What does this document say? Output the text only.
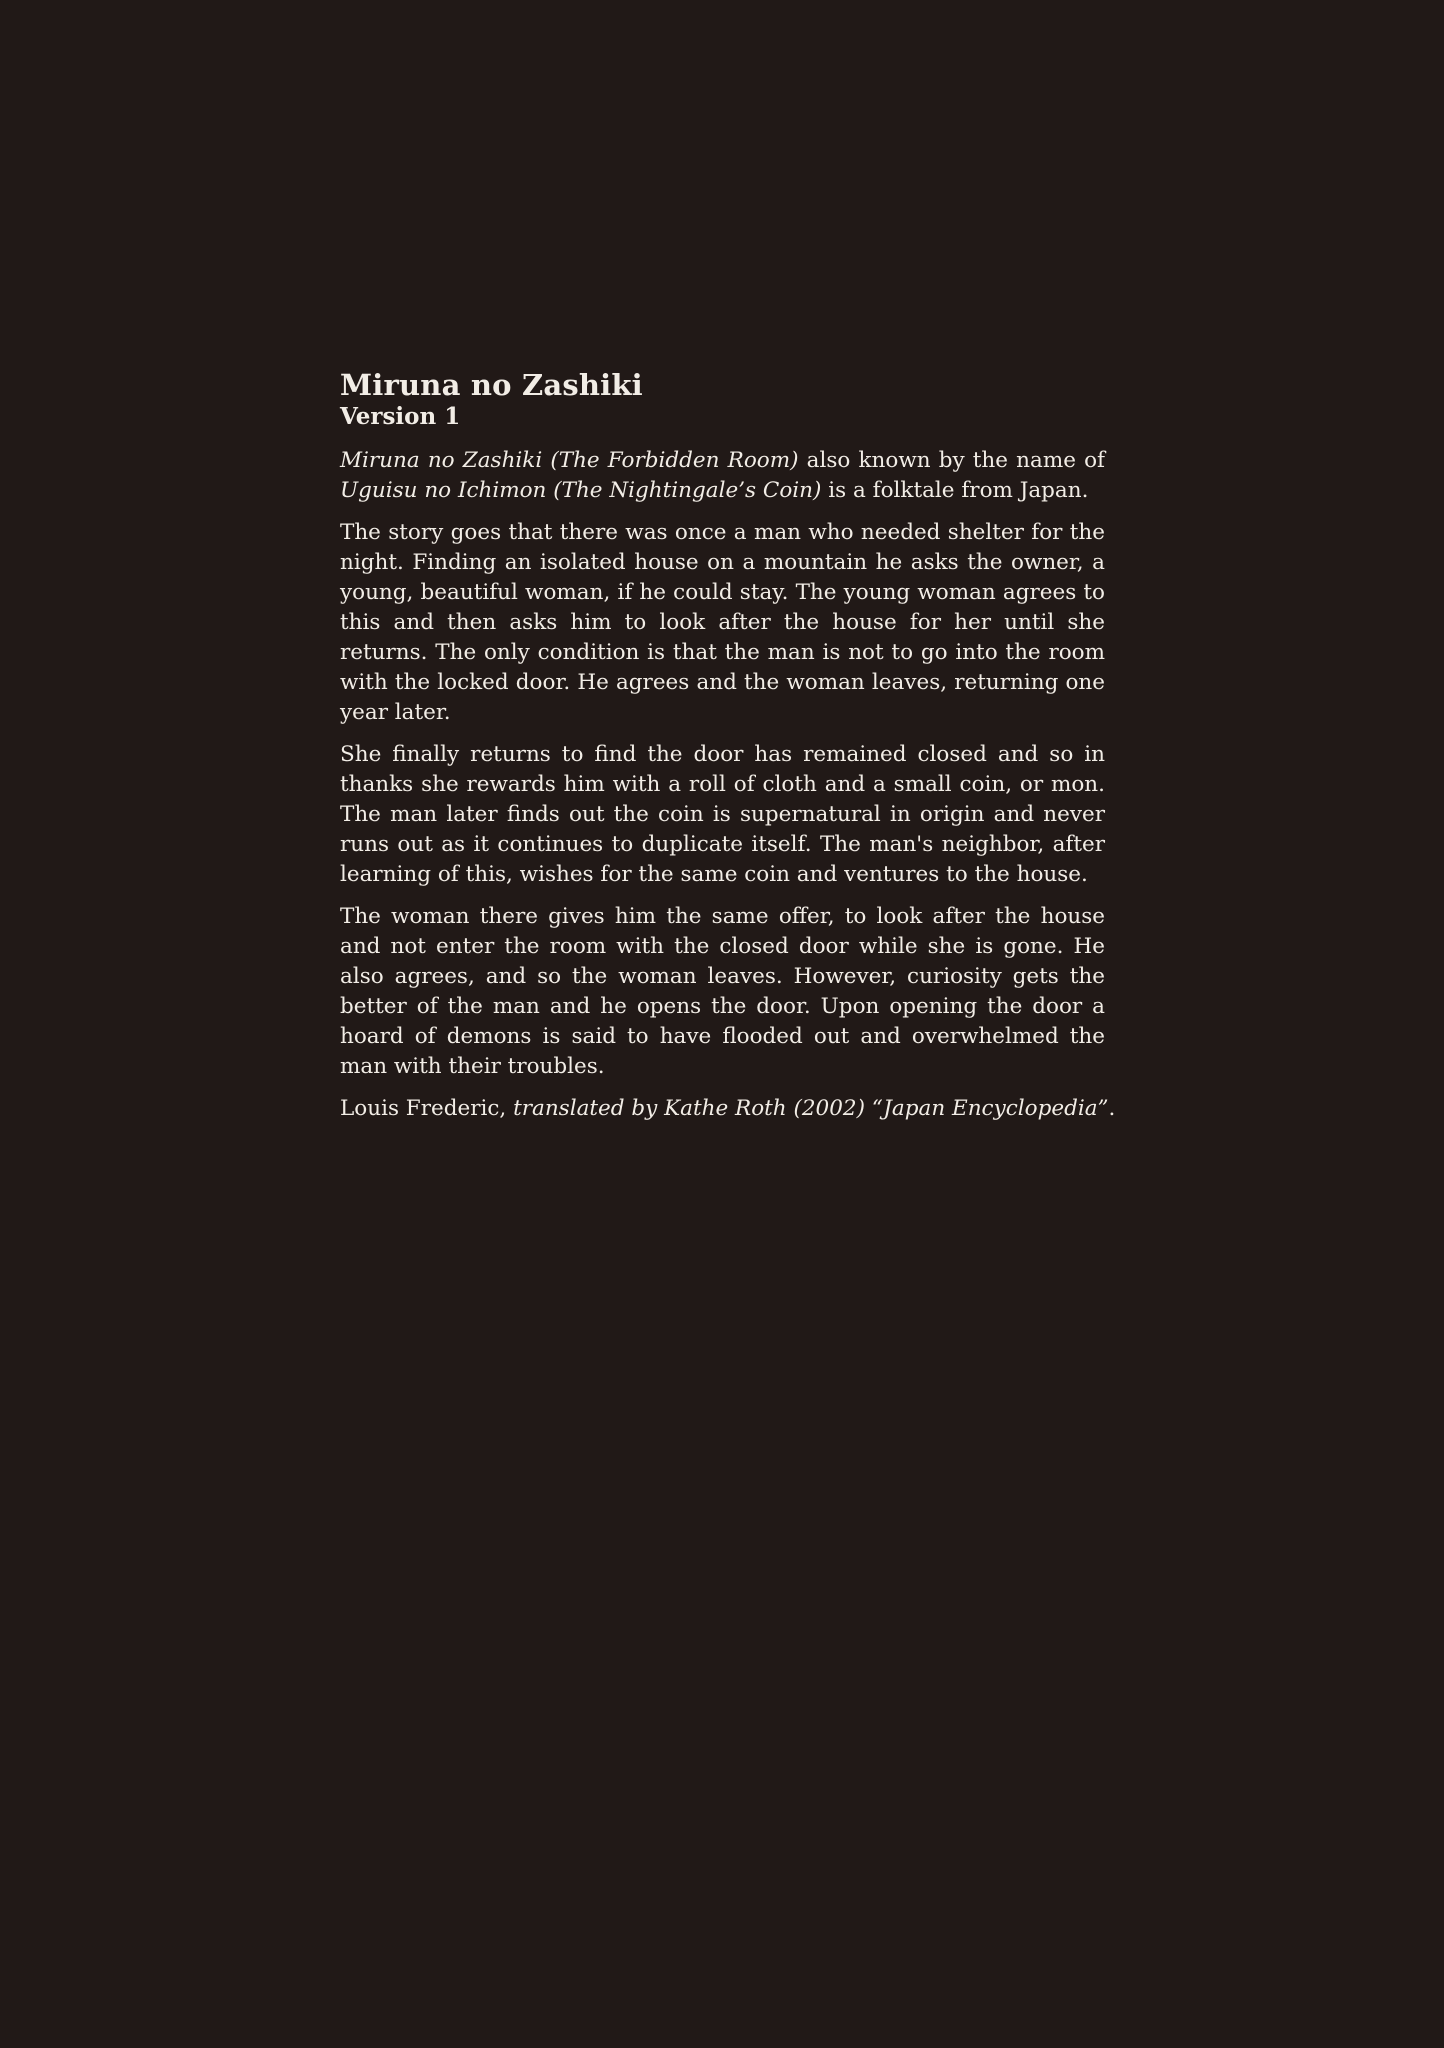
Miruna no Zashiki
Version 1

Miruna no Zashiki (The Forbidden Room) also known by the name of Uguisu no Ichimon (The Nightingale’s Coin) is a folktale from Japan.

The story goes that there was once a man who needed shelter for the night. Finding an isolated house on a mountain he asks the owner, a young, beautiful woman, if he could stay. The young woman agrees to this and then asks him to look after the house for her until she returns. The only condition is that the man is not to go into the room with the locked door. He agrees and the woman leaves, returning one year later.

She finally returns to find the door has remained closed and so in thanks she rewards him with a roll of cloth and a small coin, or mon. The man later finds out the coin is supernatural in origin and never runs out as it continues to duplicate itself. The man's neighbor, after learning of this, wishes for the same coin and ventures to the house.

The woman there gives him the same offer, to look after the house and not enter the room with the closed door while she is gone. He also agrees, and so the woman leaves. However, curiosity gets the better of the man and he opens the door. Upon opening the door a hoard of demons is said to have flooded out and overwhelmed the man with their troubles.

Louis Frederic, translated by Kathe Roth (2002) “Japan Encyclopedia”.
